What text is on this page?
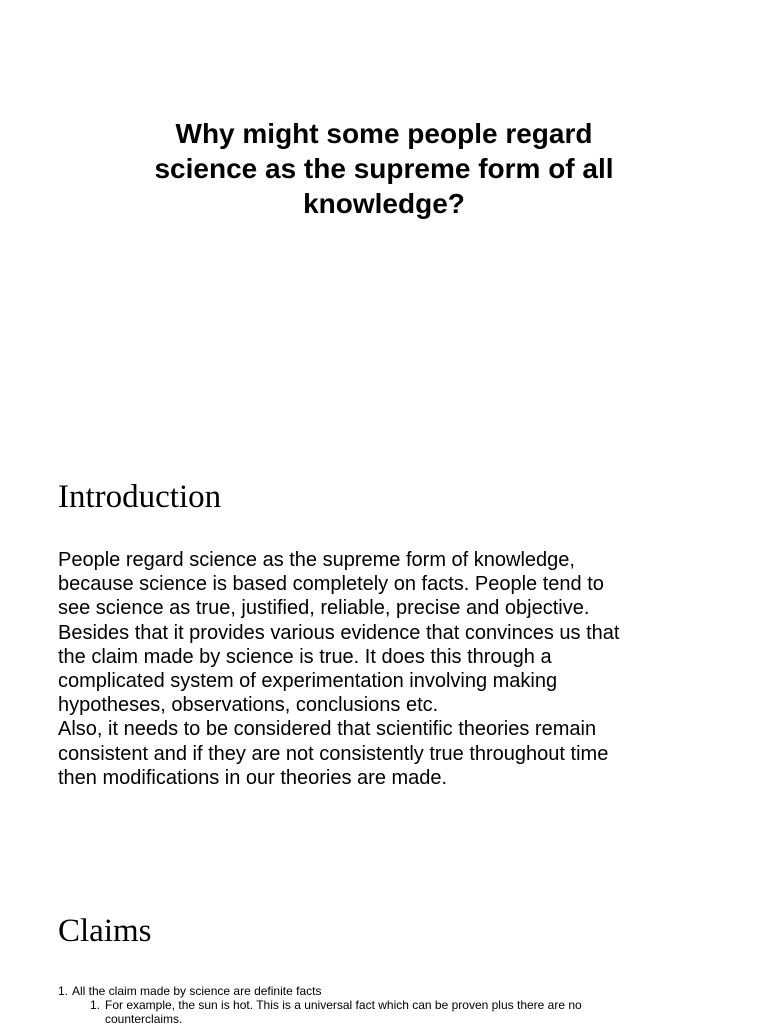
Why might some people regard
science as the supreme form of all
knowledge?
Introduction

People regard science as the supreme form of knowledge,
because science is based completely on facts. People tend to
see science as true, justified, reliable, precise and objective.
Besides that it provides various evidence that convinces us that
the claim made by science is true. It does this through a
complicated system of experimentation involving making
hypotheses, observations, conclusions etc.
Also, it needs to be considered that scientific theories remain
consistent and if they are not consistently true throughout time
then modifications in our theories are made.

Claims
1. All the claim made by science are definite facts
1. For example, the sun is hot. This is a universal fact which can be proven plus there are no
counterclaims.
